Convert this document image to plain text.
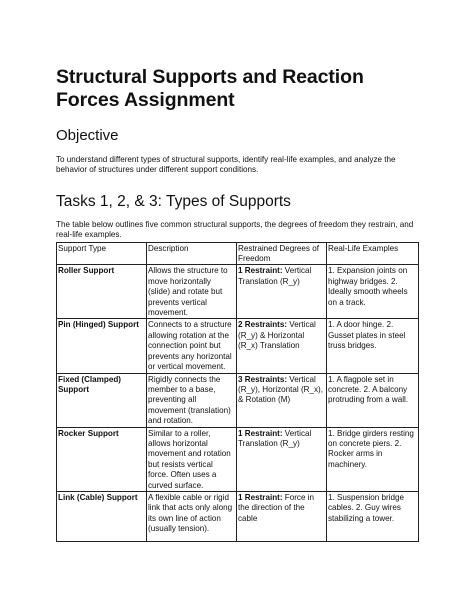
Structural Supports and Reaction Forces Assignment
Objective

To understand different types of structural supports, identify real-life examples, and analyze the behavior of structures under different support conditions.

Tasks 1, 2, & 3: Types of Supports

The table below outlines five common structural supports, the degrees of freedom they restrain, and real-life examples.

Support Type	Description	Restrained Degrees of Freedom	Real-Life Examples
Roller Support	Allows the structure to move horizontally (slide) and rotate but prevents vertical movement.	1 Restraint: Vertical Translation (R_y)	1. Expansion joints on highway bridges. 2. Ideally smooth wheels on a track.
Pin (Hinged) Support	Connects to a structure allowing rotation at the connection point but prevents any horizontal or vertical movement.	2 Restraints: Vertical (R_y) & Horizontal (R_x) Translation	1. A door hinge. 2. Gusset plates in steel truss bridges.
Fixed (Clamped) Support	Rigidly connects the member to a base, preventing all movement (translation) and rotation.	3 Restraints: Vertical (R_y), Horizontal (R_x), & Rotation (M)	1. A flagpole set in concrete. 2. A balcony protruding from a wall.
Rocker Support	Similar to a roller, allows horizontal movement and rotation but resists vertical force. Often uses a curved surface.	1 Restraint: Vertical Translation (R_y)	1. Bridge girders resting on concrete piers. 2. Rocker arms in machinery.
Link (Cable) Support	A flexible cable or rigid link that acts only along its own line of action (usually tension).	1 Restraint: Force in the direction of the cable	1. Suspension bridge cables. 2. Guy wires stabilizing a tower.
